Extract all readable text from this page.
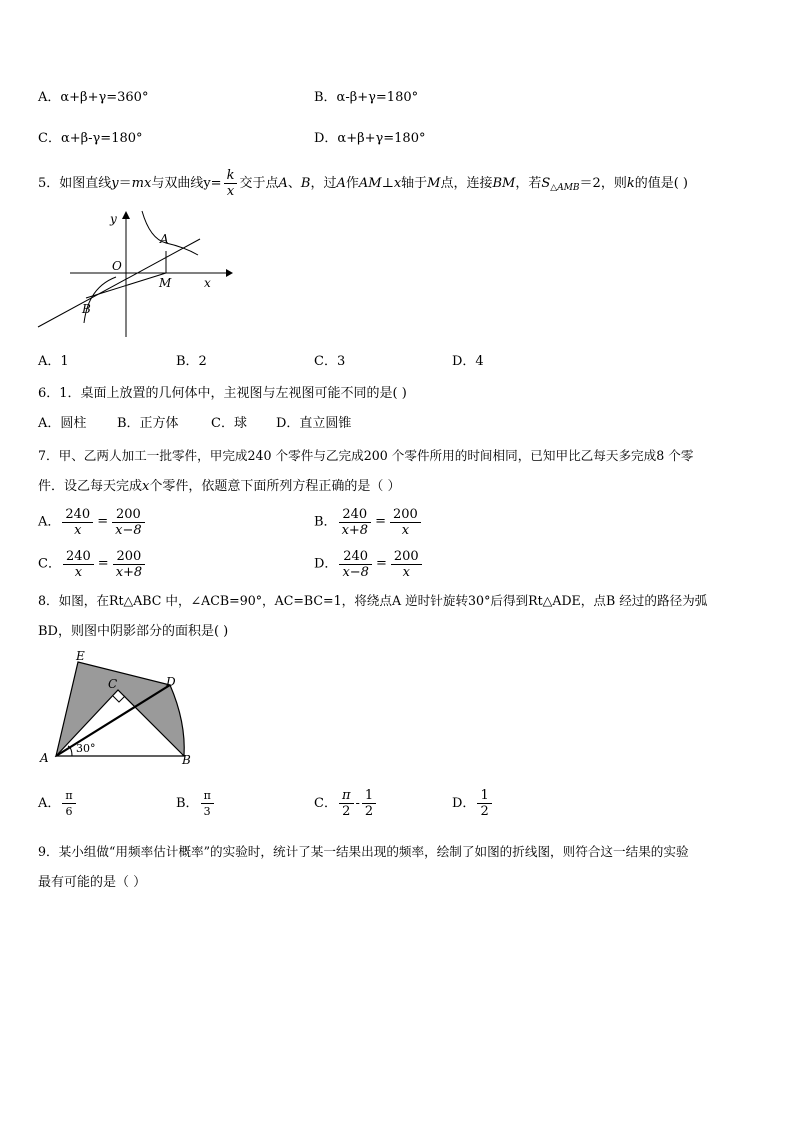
A．α+β+γ=360°	B．α-β+γ=180°
C．α+β-γ=180°	D．α+β+γ=180°
5．如图直线y＝mx与双曲线$y= \frac{k}{x}$ 交于点A、B，过A作AM⊥x轴于M点，连接BM，若$S_{\triangle AMB}=2$，则k的值是( )
y
x
O
A
B
M
A．1	B．2	C．3	D．4
6．1．桌面上放置的几何体中，主视图与左视图可能不同的是( )
A．圆柱 B．正方体 C．球 D．直立圆锥
7．甲、乙两人加工一批零件，甲完成240 个零件与乙完成200 个零件所用的时间相同，已知甲比乙每天多完成8 个零
件．设乙每天完成x个零件，依题意下面所列方程正确的是（ ）
A． $\frac{240}{x} = \frac{200}{x-8}$	B． $\frac{240}{x+8} = \frac{200}{x}$
C． $\frac{240}{x} = \frac{200}{x+8}$	D． $\frac{240}{x-8} = \frac{200}{x}$
8．如图，在Rt△ABC 中，∠ACB=90°，AC=BC=1，将绕点A 逆时针旋转30°后得到Rt△ADE，点B 经过的路径为弧
BD，则图中阴影部分的面积是( )
E
C	D
A	B
30°
A． $\frac{\pi}{6}$	B． $\frac{\pi}{3}$	C． $\frac{\pi}{2} - \frac{1}{2}$	D． $\frac{1}{2}$
9．某小组做“用频率估计概率”的实验时，统计了某一结果出现的频率，绘制了如图的折线图，则符合这一结果的实验
最有可能的是（ ）
